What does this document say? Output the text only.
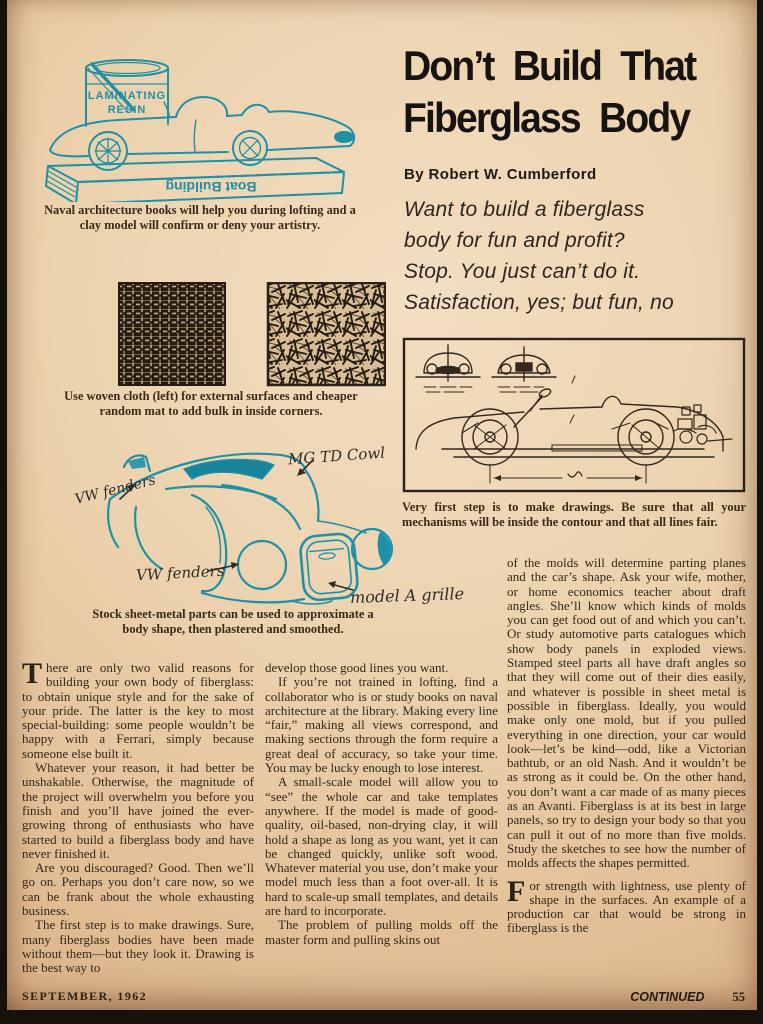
LAMINATING
RESIN
Boat Building
Naval architecture books will help you during lofting and a clay model will confirm or deny your artistry.
Don’t Build That
Fiberglass Body
By Robert W. Cumberford
Want to build a fiberglass
body for fun and profit?
Stop. You just can’t do it.
Satisfaction, yes; but fun, no
Use woven cloth (left) for external surfaces and cheaper random mat to add bulk in inside corners.
Very first step is to make drawings. Be sure that all your mechanisms will be inside the contour and that all lines fair.
VW fenders
MG TD Cowl
VW fenders
model A grille
Stock sheet-metal parts can be used to approximate a body shape, then plastered and smoothed.

There are only two valid reasons for building your own body of fiberglass: to obtain unique style and for the sake of your pride. The latter is the key to most special-building: some people wouldn’t be happy with a Ferrari, simply because someone else built it.

Whatever your reason, it had better be unshakable. Otherwise, the magnitude of the project will overwhelm you before you finish and you’ll have joined the ever-growing throng of enthusiasts who have started to build a fiberglass body and have never finished it.

Are you discouraged? Good. Then we’ll go on. Perhaps you don’t care now, so we can be frank about the whole exhausting business.

The first step is to make drawings. Sure, many fiberglass bodies have been made without them—but they look it. Drawing is the best way to

develop those good lines you want.

If you’re not trained in lofting, find a collaborator who is or study books on naval architecture at the library. Making every line “fair,” making all views correspond, and making sections through the form require a great deal of accuracy, so take your time. You may be lucky enough to lose interest.

A small-scale model will allow you to “see” the whole car and take templates anywhere. If the model is made of good-quality, oil-based, non-drying clay, it will hold a shape as long as you want, yet it can be changed quickly, unlike soft wood. Whatever material you use, don’t make your model much less than a foot over-all. It is hard to scale-up small templates, and details are hard to incorporate.

The problem of pulling molds off the master form and pulling skins out

of the molds will determine parting planes and the car’s shape. Ask your wife, mother, or home economics teacher about draft angles. She’ll know which kinds of molds you can get food out of and which you can’t. Or study automotive parts catalogues which show body panels in exploded views. Stamped steel parts all have draft angles so that they will come out of their dies easily, and whatever is possible in sheet metal is possible in fiberglass. Ideally, you would make only one mold, but if you pulled everything in one direction, your car would look—let’s be kind—odd, like a Victorian bathtub, or an old Nash. And it wouldn’t be as strong as it could be. On the other hand, you don’t want a car made of as many pieces as an Avanti. Fiberglass is at its best in large panels, so try to design your body so that you can pull it out of no more than five molds. Study the sketches to see how the number of molds affects the shapes permitted.

For strength with lightness, use plenty of shape in the surfaces. An example of a production car that would be strong in fiberglass is the

SEPTEMBER, 1962	CONTINUED 55
